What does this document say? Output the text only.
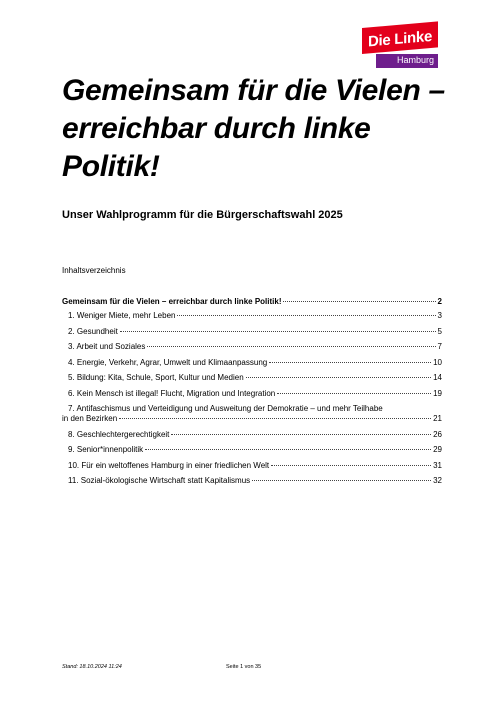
Die Linke
Hamburg
Gemeinsam für die Vielen – erreichbar durch linke Politik!
Unser Wahlprogramm für die Bürgerschaftswahl 2025
Inhaltsverzeichnis
Gemeinsam für die Vielen – erreichbar durch linke Politik!	2
1. Weniger Miete, mehr Leben	3
2. Gesundheit	5
3. Arbeit und Soziales	7
4. Energie, Verkehr, Agrar, Umwelt und Klimaanpassung	10
5. Bildung: Kita, Schule, Sport, Kultur und Medien	14
6. Kein Mensch ist illegal! Flucht, Migration und Integration	19
7. Antifaschismus und Verteidigung und Ausweitung der Demokratie – und mehr Teilhabe
in den Bezirken	21
8. Geschlechtergerechtigkeit	26
9. Senior*innenpolitik	29
10. Für ein weltoffenes Hamburg in einer friedlichen Welt	31
11. Sozial-ökologische Wirtschaft statt Kapitalismus	32
Stand: 18.10.2024 11:24	Seite 1 von 35
